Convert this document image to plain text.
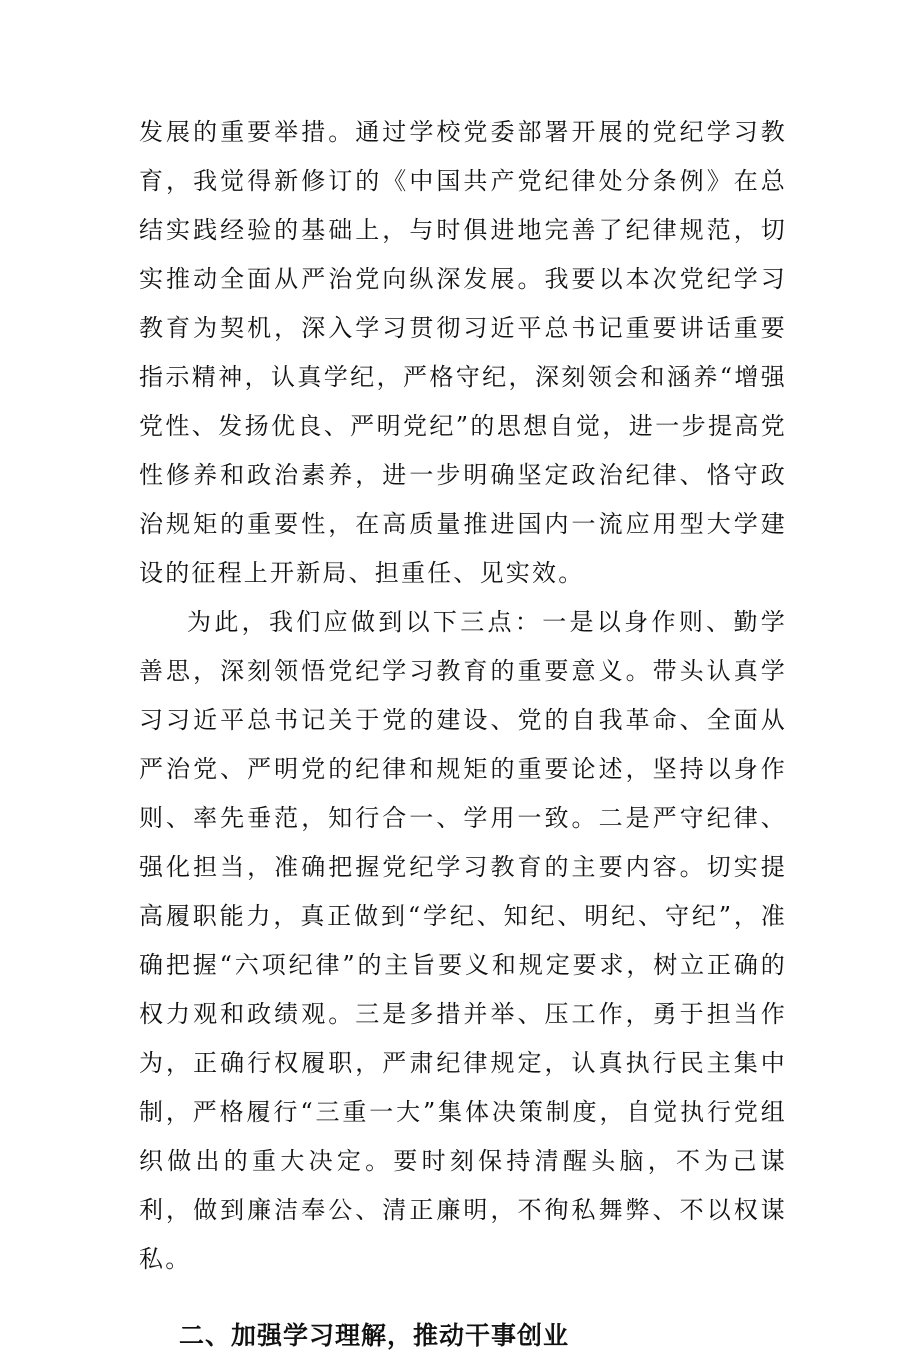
发展的重要举措。通过学校党委部署开展的党纪学习教育，我觉得新修订的《中国共产党纪律处分条例》在总结实践经验的基础上，与时俱进地完善了纪律规范，切实推动全面从严治党向纵深发展。我要以本次党纪学习教育为契机，深入学习贯彻习近平总书记重要讲话重要指示精神，认真学纪，严格守纪，深刻领会和涵养“增强党性、发扬优良、严明党纪”的思想自觉，进一步提高党性修养和政治素养，进一步明确坚定政治纪律、恪守政治规矩的重要性，在高质量推进国内一流应用型大学建设的征程上开新局、担重任、见实效。

为此，我们应做到以下三点：一是以身作则、勤学善思，深刻领悟党纪学习教育的重要意义。带头认真学习习近平总书记关于党的建设、党的自我革命、全面从严治党、严明党的纪律和规矩的重要论述，坚持以身作则、率先垂范，知行合一、学用一致。二是严守纪律、强化担当，准确把握党纪学习教育的主要内容。切实提高履职能力，真正做到“学纪、知纪、明纪、守纪”，准确把握“六项纪律”的主旨要义和规定要求，树立正确的权力观和政绩观。三是多措并举、压工作，勇于担当作为，正确行权履职，严肃纪律规定，认真执行民主集中制，严格履行“三重一大”集体决策制度，自觉执行党组织做出的重大决定。要时刻保持清醒头脑，不为己谋利，做到廉洁奉公、清正廉明，不徇私舞弊、不以权谋私。

二、加强学习理解，推动干事创业
